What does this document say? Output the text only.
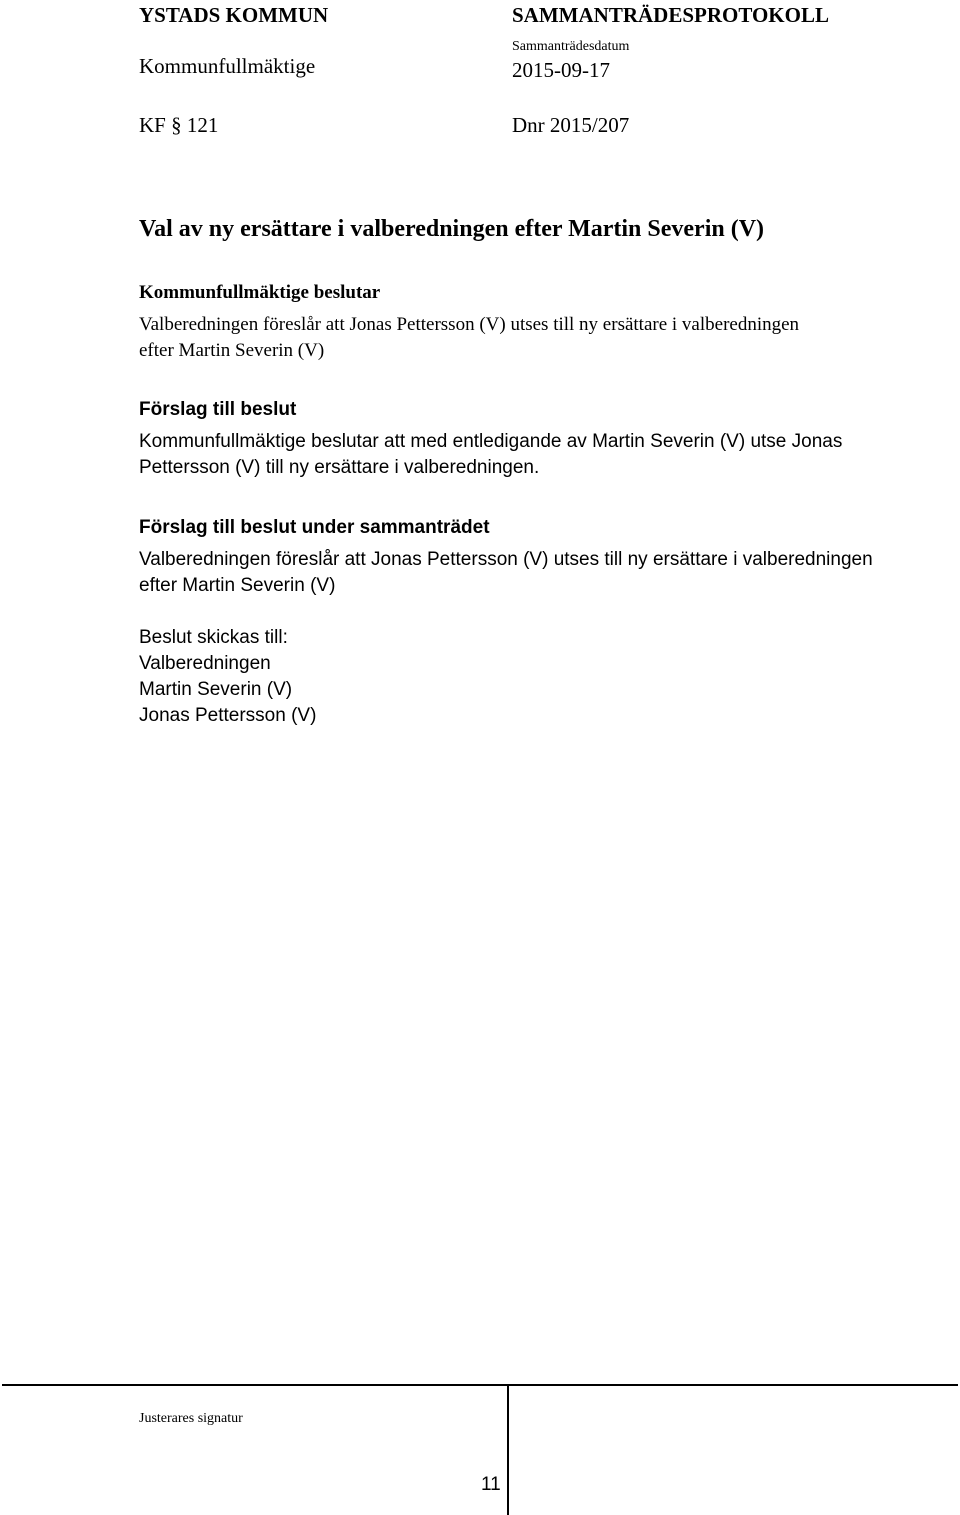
YSTADS KOMMUN	SAMMANTRÄDESPROTOKOLL
Sammanträdesdatum
Kommunfullmäktige	2015-09-17
KF § 121	Dnr 2015/207
Val av ny ersättare i valberedningen efter Martin Severin (V)
Kommunfullmäktige beslutar
Valberedningen föreslår att Jonas Pettersson (V) utses till ny ersättare i valberedningen
efter Martin Severin (V)
Förslag till beslut
Kommunfullmäktige beslutar att med entledigande av Martin Severin (V) utse Jonas
Pettersson (V) till ny ersättare i valberedningen.
Förslag till beslut under sammanträdet
Valberedningen föreslår att Jonas Pettersson (V) utses till ny ersättare i valberedningen
efter Martin Severin (V)
Beslut skickas till:
Valberedningen
Martin Severin (V)
Jonas Pettersson (V)
Justerares signatur
11
